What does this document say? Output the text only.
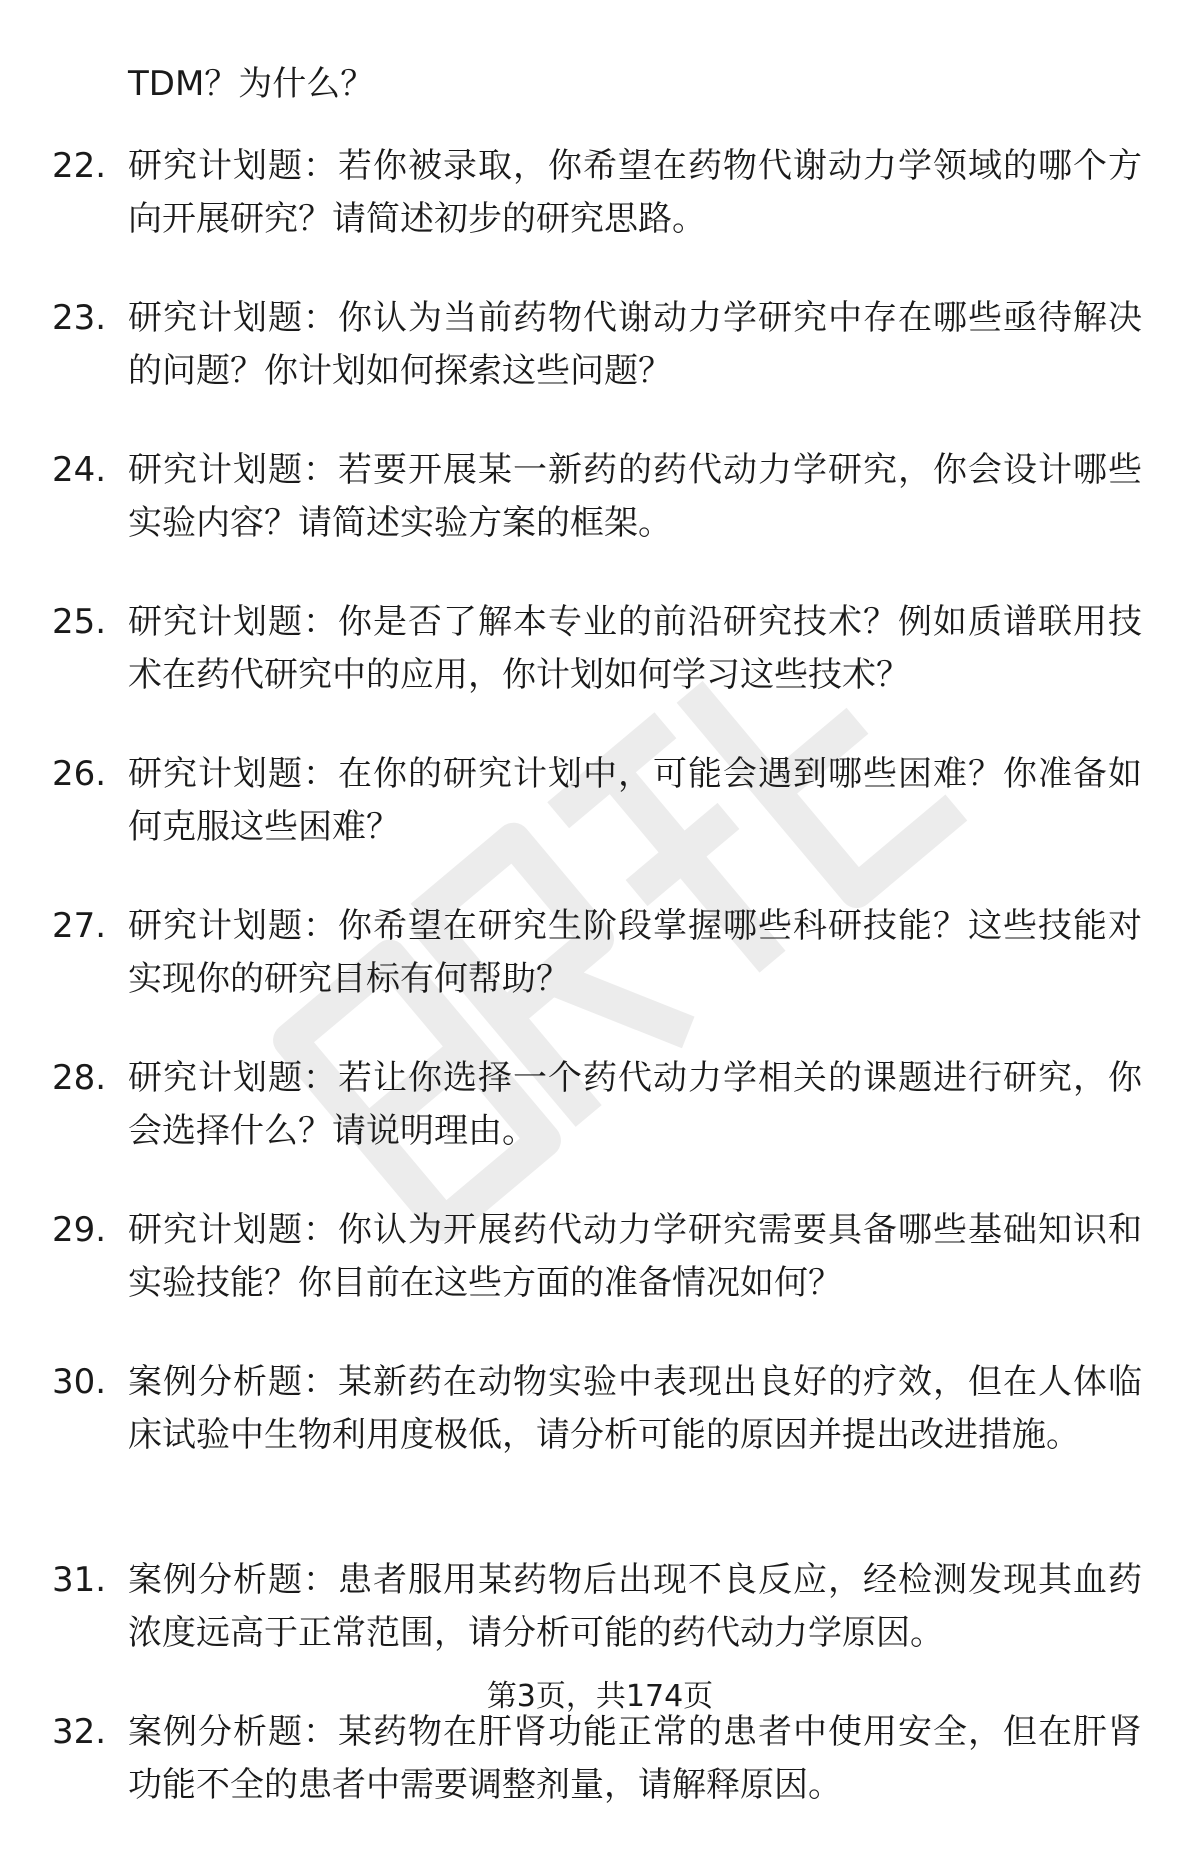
TDM？为什么？
22. 研究计划题：若你被录取，你希望在药物代谢动力学领域的哪个方向开展研究？请简述初步的研究思路。
23. 研究计划题：你认为当前药物代谢动力学研究中存在哪些亟待解决的问题？你计划如何探索这些问题？
24. 研究计划题：若要开展某一新药的药代动力学研究，你会设计哪些实验内容？请简述实验方案的框架。
25. 研究计划题：你是否了解本专业的前沿研究技术？例如质谱联用技术在药代研究中的应用，你计划如何学习这些技术？
26. 研究计划题：在你的研究计划中，可能会遇到哪些困难？你准备如何克服这些困难？
27. 研究计划题：你希望在研究生阶段掌握哪些科研技能？这些技能对实现你的研究目标有何帮助？
28. 研究计划题：若让你选择一个药代动力学相关的课题进行研究，你会选择什么？请说明理由。
29. 研究计划题：你认为开展药代动力学研究需要具备哪些基础知识和实验技能？你目前在这些方面的准备情况如何？
30. 案例分析题：某新药在动物实验中表现出良好的疗效，但在人体临床试验中生物利用度极低，请分析可能的原因并提出改进措施。
31. 案例分析题：患者服用某药物后出现不良反应，经检测发现其血药浓度远高于正常范围，请分析可能的药代动力学原因。
32. 案例分析题：某药物在肝肾功能正常的患者中使用安全，但在肝肾功能不全的患者中需要调整剂量，请解释原因。
第3页，共174页
